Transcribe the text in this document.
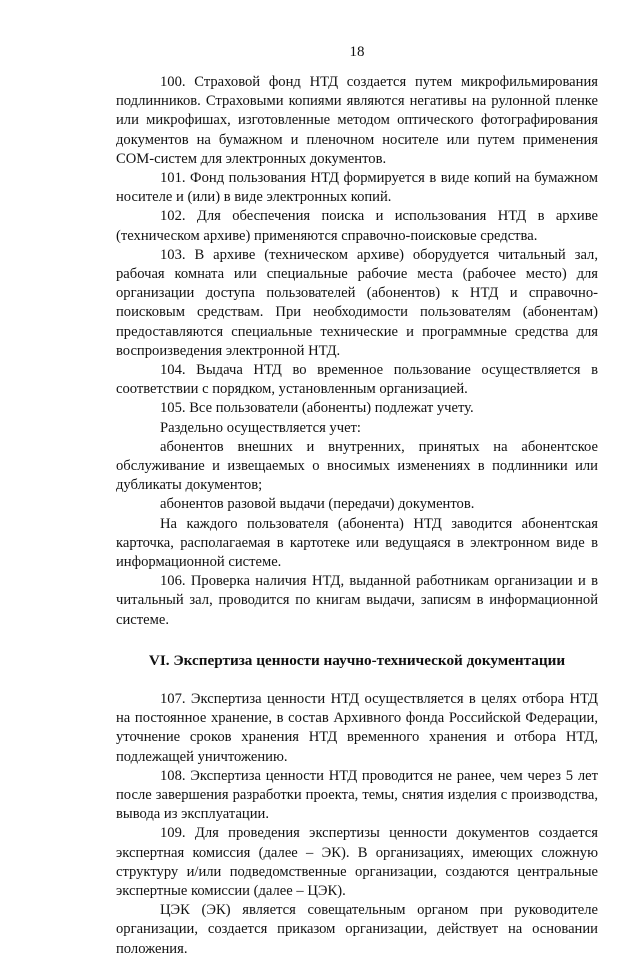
18

100. Страховой фонд НТД создается путем микрофильмирования подлинников. Страховыми копиями являются негативы на рулонной пленке или микрофишах, изготовленные методом оптического фотографирования документов на бумажном и пленочном носителе или путем применения COM-систем для электронных документов.

101. Фонд пользования НТД формируется в виде копий на бумажном носителе и (или) в виде электронных копий.

102. Для обеспечения поиска и использования НТД в архиве (техническом архиве) применяются справочно-поисковые средства.

103. В архиве (техническом архиве) оборудуется читальный зал, рабочая комната или специальные рабочие места (рабочее место) для организации доступа пользователей (абонентов) к НТД и справочно-поисковым средствам. При необходимости пользователям (абонентам) предоставляются специальные технические и программные средства для воспроизведения электронной НТД.

104. Выдача НТД во временное пользование осуществляется в соответствии с порядком, установленным организацией.

105. Все пользователи (абоненты) подлежат учету.

Раздельно осуществляется учет:

абонентов внешних и внутренних, принятых на абонентское обслуживание и извещаемых о вносимых изменениях в подлинники или дубликаты документов;

абонентов разовой выдачи (передачи) документов.

На каждого пользователя (абонента) НТД заводится абонентская карточка, располагаемая в картотеке или ведущаяся в электронном виде в информационной системе.

106. Проверка наличия НТД, выданной работникам организации и в читальный зал, проводится по книгам выдачи, записям в информационной системе.

VI. Экспертиза ценности научно-технической документации

107. Экспертиза ценности НТД осуществляется в целях отбора НТД на постоянное хранение, в состав Архивного фонда Российской Федерации, уточнение сроков хранения НТД временного хранения и отбора НТД, подлежащей уничтожению.

108. Экспертиза ценности НТД проводится не ранее, чем через 5 лет после завершения разработки проекта, темы, снятия изделия с производства, вывода из эксплуатации.

109. Для проведения экспертизы ценности документов создается экспертная комиссия (далее – ЭК). В организациях, имеющих сложную структуру и/или подведомственные организации, создаются центральные экспертные комиссии (далее – ЦЭК).

ЦЭК (ЭК) является совещательным органом при руководителе организации, создается приказом организации, действует на основании положения.
